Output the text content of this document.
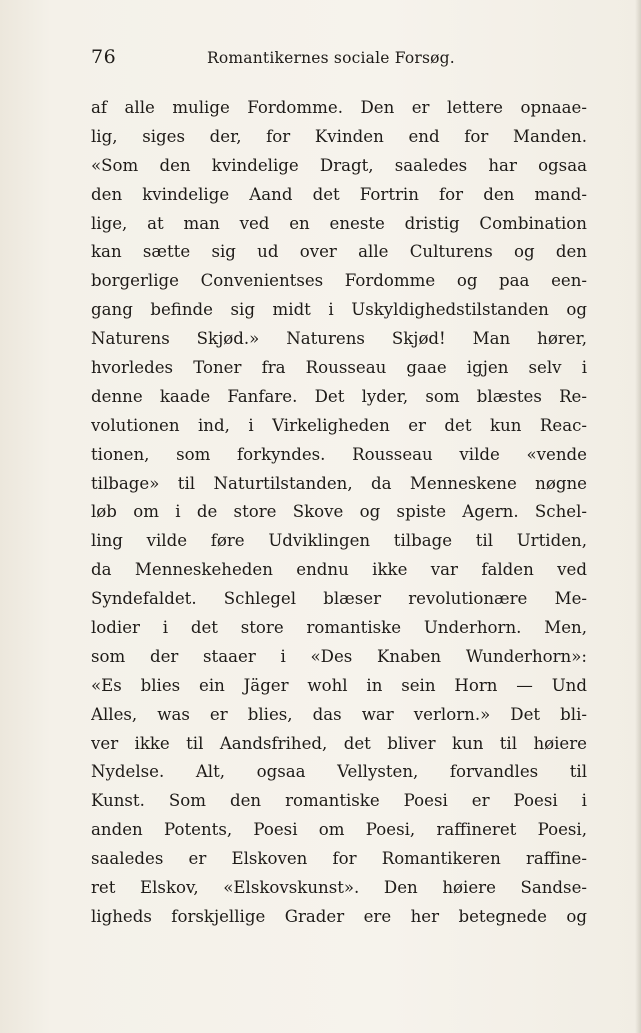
76	Romantikernes sociale Forsøg.
af alle mulige Fordomme. Den er lettere opnaae-
lig, siges der, for Kvinden end for Manden.
«Som den kvindelige Dragt, saaledes har ogsaa
den kvindelige Aand det Fortrin for den mand-
lige, at man ved en eneste dristig Combination
kan sætte sig ud over alle Culturens og den
borgerlige Convenientses Fordomme og paa een-
gang befinde sig midt i Uskyldighedstilstanden og
Naturens Skjød.» Naturens Skjød! Man hører,
hvorledes Toner fra Rousseau gaae igjen selv i
denne kaade Fanfare. Det lyder, som blæstes Re-
volutionen ind, i Virkeligheden er det kun Reac-
tionen, som forkyndes. Rousseau vilde «vende
tilbage» til Naturtilstanden, da Menneskene nøgne
løb om i de store Skove og spiste Agern. Schel-
ling vilde føre Udviklingen tilbage til Urtiden,
da Menneskeheden endnu ikke var falden ved
Syndefaldet. Schlegel blæser revolutionære Me-
lodier i det store romantiske Underhorn. Men,
som der staaer i «Des Knaben Wunderhorn»:
«Es blies ein Jäger wohl in sein Horn — Und
Alles, was er blies, das war verlorn.» Det bli-
ver ikke til Aandsfrihed, det bliver kun til høiere
Nydelse. Alt, ogsaa Vellysten, forvandles til
Kunst. Som den romantiske Poesi er Poesi i
anden Potents, Poesi om Poesi, raffineret Poesi,
saaledes er Elskoven for Romantikeren raffine-
ret Elskov, «Elskovskunst». Den høiere Sandse-
ligheds forskjellige Grader ere her betegnede og
